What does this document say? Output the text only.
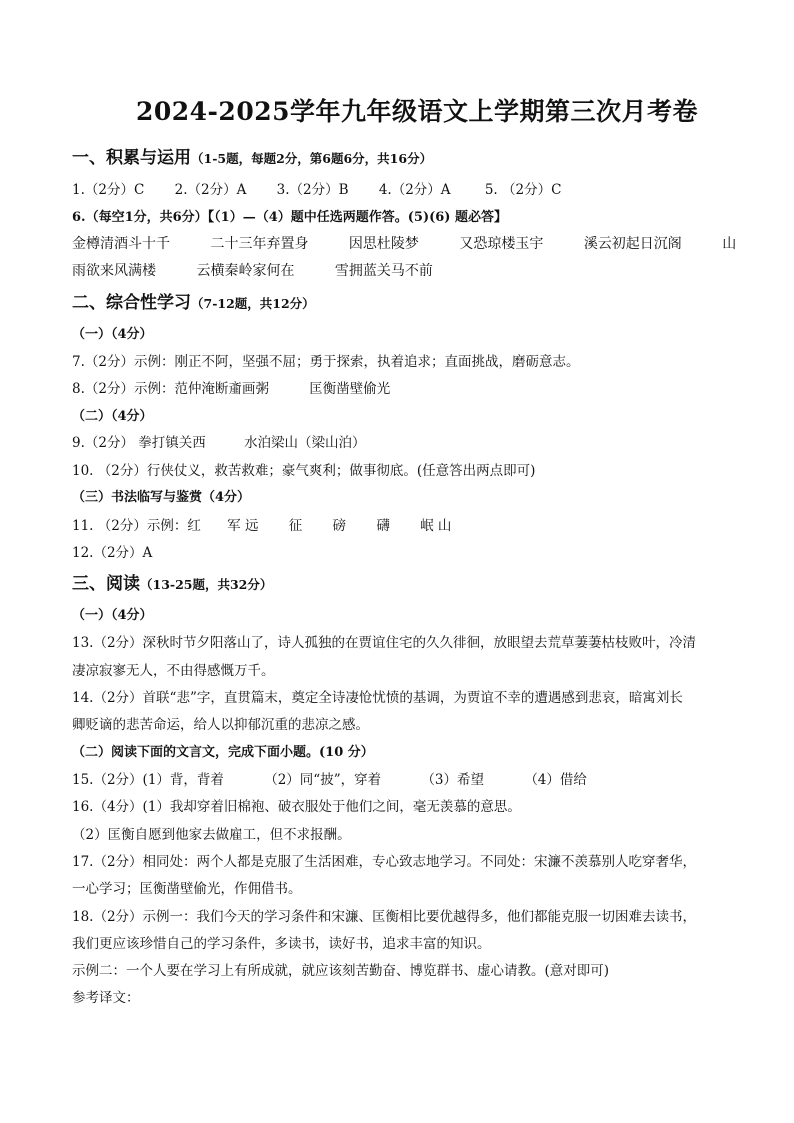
2024-2025学年九年级语文上学期第三次月考卷
一、积累与运用（1-5题，每题2分，第6题6分，共16分）
1.（2分）C 2.（2分）A 3.（2分）B 4.（2分）A	5. （2分）C
6.（每空1分，共6分）【（1）—（4）题中任选两题作答。(5)(6) 题必答】
金樽清酒斗十千	二十三年弃置身	因思杜陵梦	又恐琼楼玉宇	溪云初起日沉阁	山
雨欲来风满楼	云横秦岭家何在	雪拥蓝关马不前
二、综合性学习（7-12题，共12分）
（一）（4分）
7.（2分）示例：刚正不阿，坚强不屈；勇于探索，执着追求；直面挑战，磨砺意志。
8.（2分）示例：范仲淹断齑画粥	匡衡凿壁偷光
（二）（4分）
9.（2分） 拳打镇关西	水泊梁山（梁山泊）
10. （2分）行侠仗义，救苦救难；豪气爽利；做事彻底。(任意答出两点即可)
（三）书法临写与鉴赏（4分）
11. （2分）示例：红 军 远 征 磅 礴 岷 山
12.（2分）A
三、阅读（13-25题，共32分）
（一）（4分）
13.（2分）深秋时节夕阳落山了，诗人孤独的在贾谊住宅的久久徘徊，放眼望去荒草萋萋枯枝败叶，冷清
凄凉寂寥无人，不由得感慨万千。
14.（2分）首联“悲”字，直贯篇末，奠定全诗凄怆忧愤的基调，为贾谊不幸的遭遇感到悲哀，暗寓刘长
卿贬谪的悲苦命运，给人以抑郁沉重的悲凉之感。
（二）阅读下面的文言文，完成下面小题。(10 分）
15.（2分）(1）背，背着	（2）同“披”，穿着	（3）希望	（4）借给
16.（4分）(1）我却穿着旧棉袍、破衣服处于他们之间，毫无羡慕的意思。
（2）匡衡自愿到他家去做雇工，但不求报酬。
17.（2分）相同处：两个人都是克服了生活困难，专心致志地学习。不同处：宋濂不羡慕别人吃穿奢华，
一心学习；匡衡凿壁偷光，作佣借书。
18.（2分）示例一：我们今天的学习条件和宋濂、匡衡相比要优越得多，他们都能克服一切困难去读书，
我们更应该珍惜自己的学习条件，多读书，读好书，追求丰富的知识。
示例二：一个人要在学习上有所成就，就应该刻苦勤奋、博览群书、虚心请教。(意对即可)
参考译文：
